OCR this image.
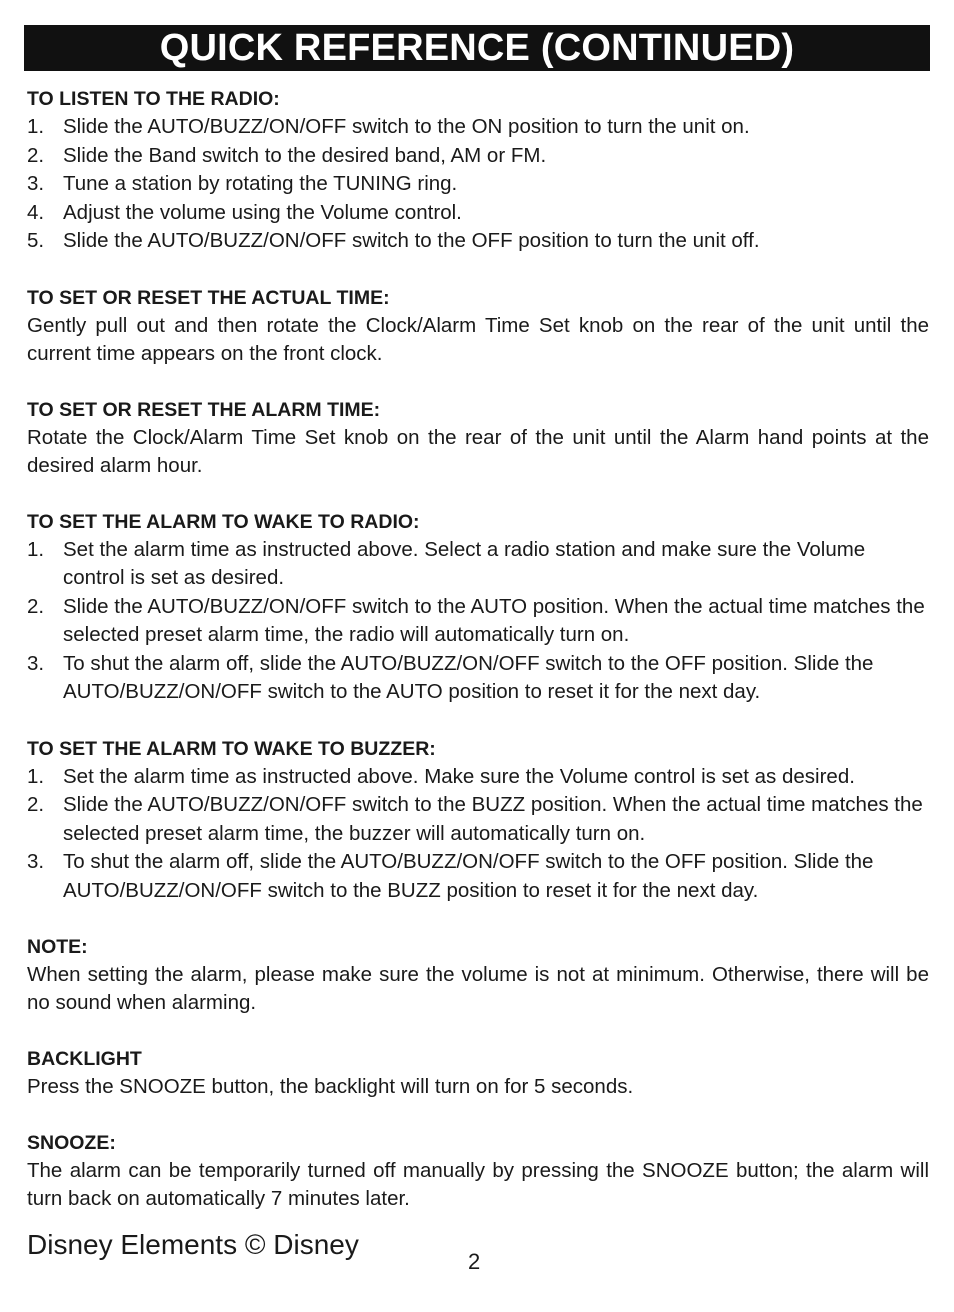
QUICK REFERENCE (CONTINUED)
TO LISTEN TO THE RADIO:
1. Slide the AUTO/BUZZ/ON/OFF switch to the ON position to turn the unit on.
2. Slide the Band switch to the desired band, AM or FM.
3. Tune a station by rotating the TUNING ring.
4. Adjust the volume using the Volume control.
5. Slide the AUTO/BUZZ/ON/OFF switch to the OFF position to turn the unit off.
TO SET OR RESET THE ACTUAL TIME:
Gently pull out and then rotate the Clock/Alarm Time Set knob on the rear of the unit until the current time appears on the front clock.
TO SET OR RESET THE ALARM TIME:
Rotate the Clock/Alarm Time Set knob on the rear of the unit until the Alarm hand points at the desired alarm hour.
TO SET THE ALARM TO WAKE TO RADIO:
1. Set the alarm time as instructed above. Select a radio station and make sure the Volume control is set as desired.
2. Slide the AUTO/BUZZ/ON/OFF switch to the AUTO position. When the actual time matches the selected preset alarm time, the radio will automatically turn on.
3. To shut the alarm off, slide the AUTO/BUZZ/ON/OFF switch to the OFF position. Slide the AUTO/BUZZ/ON/OFF switch to the AUTO position to reset it for the next day.
TO SET THE ALARM TO WAKE TO BUZZER:
1. Set the alarm time as instructed above. Make sure the Volume control is set as desired.
2. Slide the AUTO/BUZZ/ON/OFF switch to the BUZZ position. When the actual time matches the selected preset alarm time, the buzzer will automatically turn on.
3. To shut the alarm off, slide the AUTO/BUZZ/ON/OFF switch to the OFF position. Slide the AUTO/BUZZ/ON/OFF switch to the BUZZ position to reset it for the next day.
NOTE:
When setting the alarm, please make sure the volume is not at minimum. Otherwise, there will be no sound when alarming.
BACKLIGHT
Press the SNOOZE button, the backlight will turn on for 5 seconds.
SNOOZE:
The alarm can be temporarily turned off manually by pressing the SNOOZE button; the alarm will turn back on automatically 7 minutes later.
Disney Elements © Disney
2
